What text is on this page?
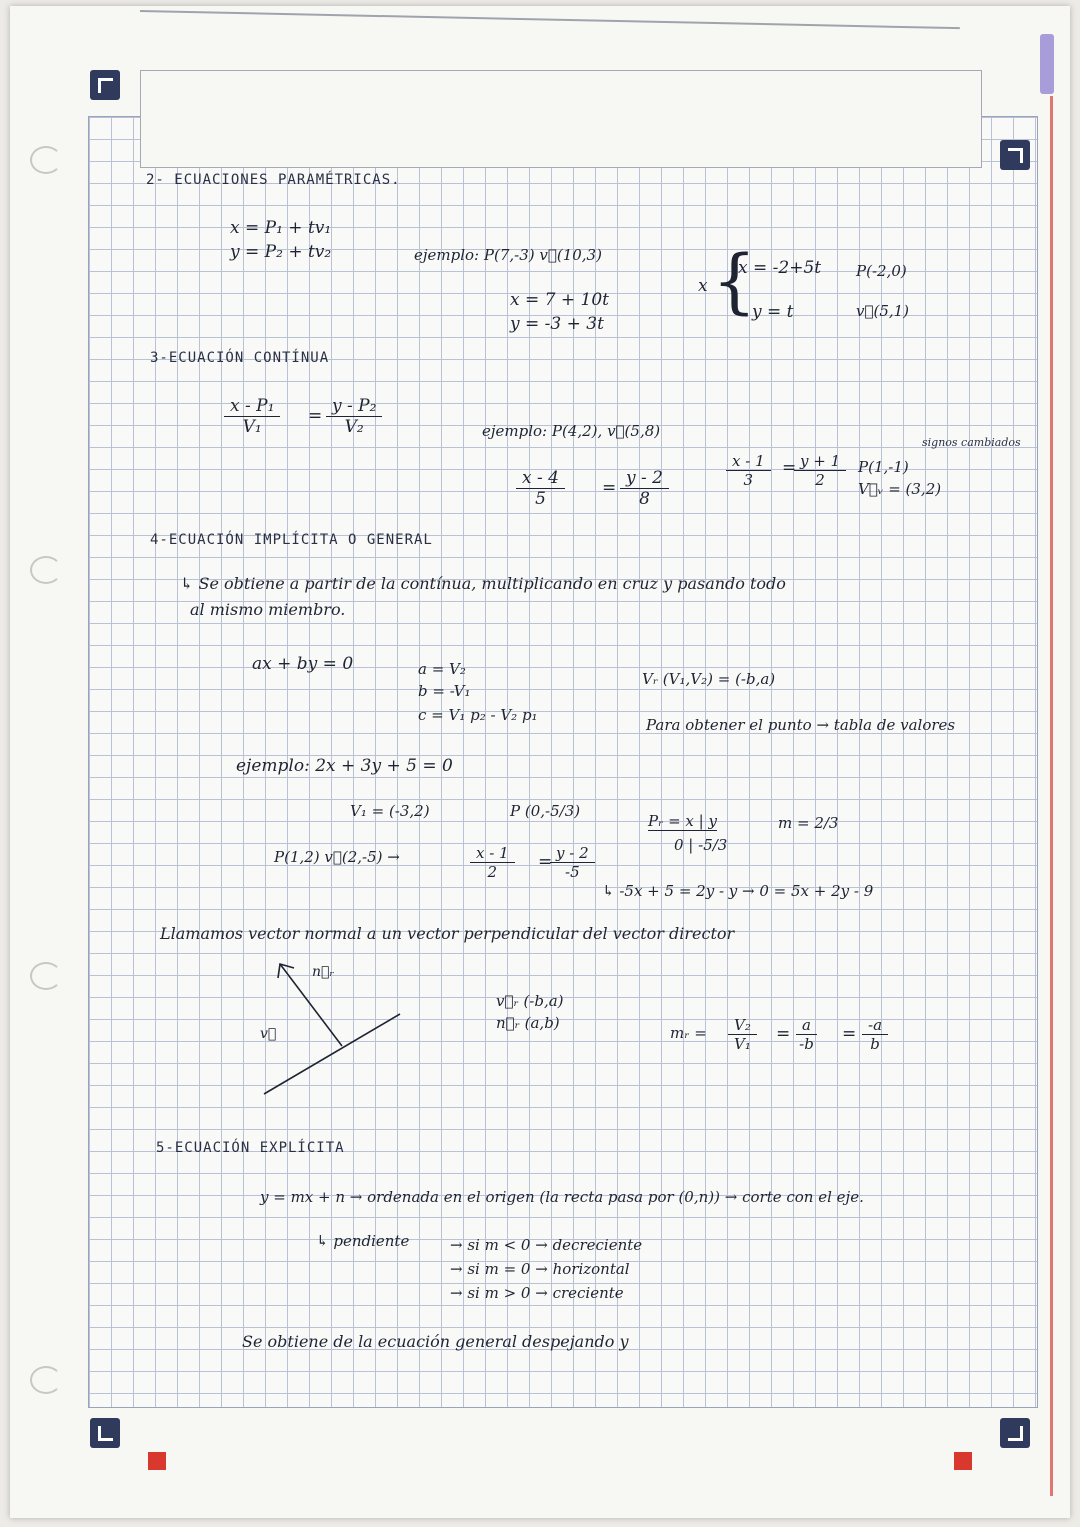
2- ECUACIONES PARAMÉTRICAS.
x = P₁ + tv₁
y = P₂ + tv₂	ejemplo: P(7,-3) v⃗(10,3)
x = 7 + 10t
y = -3 + 3t
x {
x = -2+5t
y = t
P(-2,0)
v⃗(5,1)
3-ECUACIÓN CONTÍNUA
$\frac{\text{x - P₁}}{\text{V₁}} = \frac{\text{y - P₂}}{\text{V₂}}$	ejemplo: P(4,2), v⃗(5,8)
$\frac{x - 4}{5} = \frac{y - 2}{8}$	$\frac{x - 1}{3}$ =
$\frac{y + 1}{2} P(1,-1)$
V⃗ᵥ = (3,2)
signos cambiados
4-ECUACIÓN IMPLÍCITA O GENERAL
↳ Se obtiene a partir de la contínua, multiplicando en cruz y pasando todo
al mismo miembro.
ax + by = 0	a = V₂
b = -V₁
c = V₁ p₂ - V₂ p₁
Vᵣ (V₁,V₂) = (-b,a)
Para obtener el punto → tabla de valores
ejemplo: 2x + 3y + 5 = 0
V₁ = (-3,2)	P (0,-5/3)
Pᵣ = x | y
0 | -5/3
m = 2/3
P(1,2) v⃗(2,-5) →	$\frac{x - 1}{2}$ =
$\frac{y - 2}{-5}$
↳ -5x + 5 = 2y - y → 0 = 5x + 2y - 9
Llamamos vector normal a un vector perpendicular del vector director
n⃗ᵣ
v⃗
v⃗ᵣ (-b,a)
n⃗ᵣ (a,b)
mᵣ = $\frac{\text{V₂}}{\text{V₁}} = \frac{a}{-b} = \frac{-a}{b}$
5-ECUACIÓN EXPLÍCITA
y = mx + n → ordenada en el origen (la recta pasa por (0,n)) → corte con el eje.
↳ pendiente	→ si m < 0 → decreciente
→ si m = 0 → horizontal
→ si m > 0 → creciente
Se obtiene de la ecuación general despejando y
